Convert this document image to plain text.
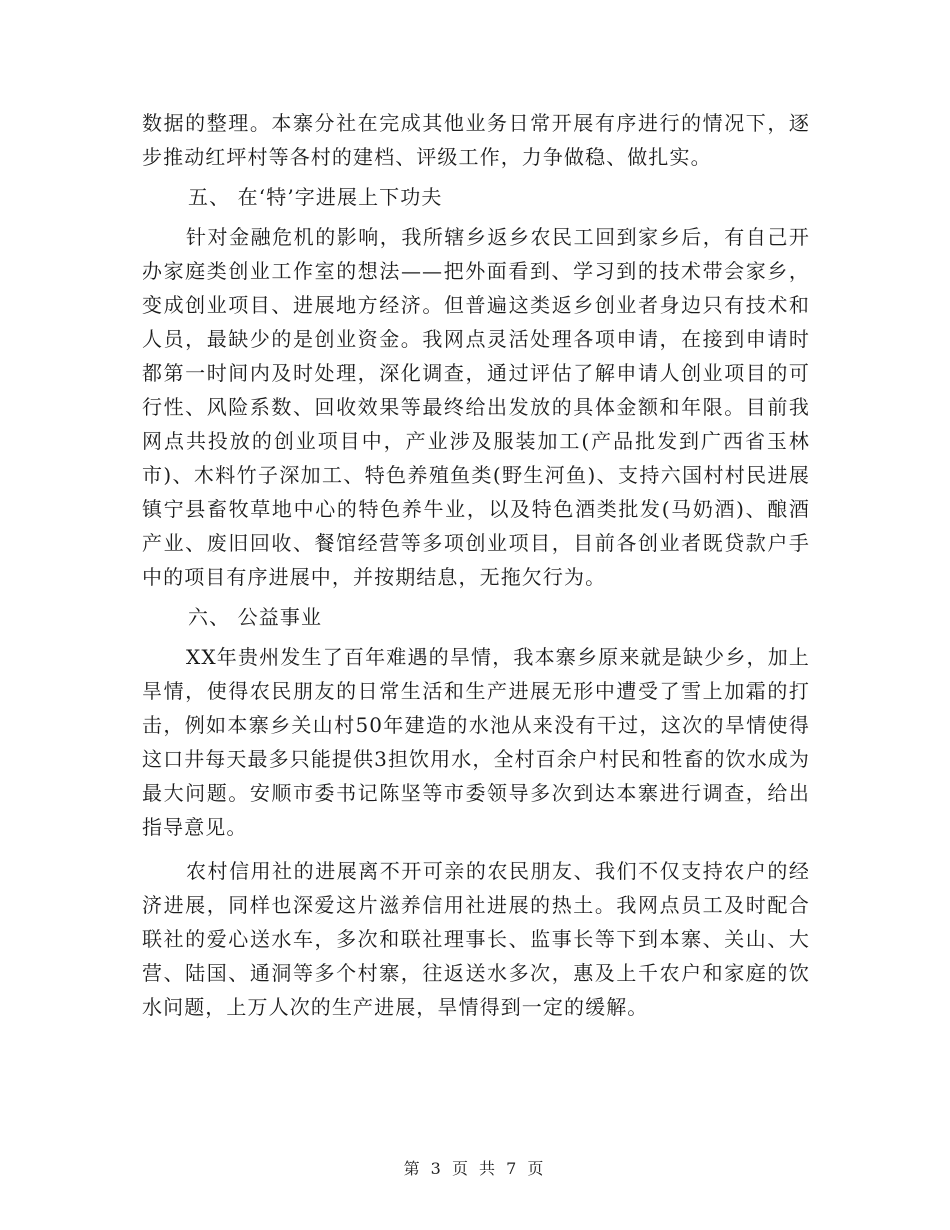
数据的整理。本寨分社在完成其他业务日常开展有序进行的情况下，逐步推动红坪村等各村的建档、评级工作，力争做稳、做扎实。

五、 在‘特’字进展上下功夫

针对金融危机的影响，我所辖乡返乡农民工回到家乡后，有自己开办家庭类创业工作室的想法——把外面看到、学习到的技术带会家乡，变成创业项目、进展地方经济。但普遍这类返乡创业者身边只有技术和人员，最缺少的是创业资金。我网点灵活处理各项申请，在接到申请时都第一时间内及时处理，深化调查，通过评估了解申请人创业项目的可行性、风险系数、回收效果等最终给出发放的具体金额和年限。目前我网点共投放的创业项目中，产业涉及服装加工(产品批发到广西省玉林市)、木料竹子深加工、特色养殖鱼类(野生河鱼)、支持六国村村民进展镇宁县畜牧草地中心的特色养牛业，以及特色酒类批发(马奶酒)、酿酒产业、废旧回收、餐馆经营等多项创业项目，目前各创业者既贷款户手中的项目有序进展中，并按期结息，无拖欠行为。

六、 公益事业

XX年贵州发生了百年难遇的旱情，我本寨乡原来就是缺少乡，加上旱情，使得农民朋友的日常生活和生产进展无形中遭受了雪上加霜的打击，例如本寨乡关山村50年建造的水池从来没有干过，这次的旱情使得这口井每天最多只能提供3担饮用水，全村百余户村民和牲畜的饮水成为最大问题。安顺市委书记陈坚等市委领导多次到达本寨进行调查，给出指导意见。

农村信用社的进展离不开可亲的农民朋友、我们不仅支持农户的经济进展，同样也深爱这片滋养信用社进展的热土。我网点员工及时配合联社的爱心送水车，多次和联社理事长、监事长等下到本寨、关山、大营、陆国、通洞等多个村寨，往返送水多次，惠及上千农户和家庭的饮水问题，上万人次的生产进展，旱情得到一定的缓解。

第 3 页 共 7 页
